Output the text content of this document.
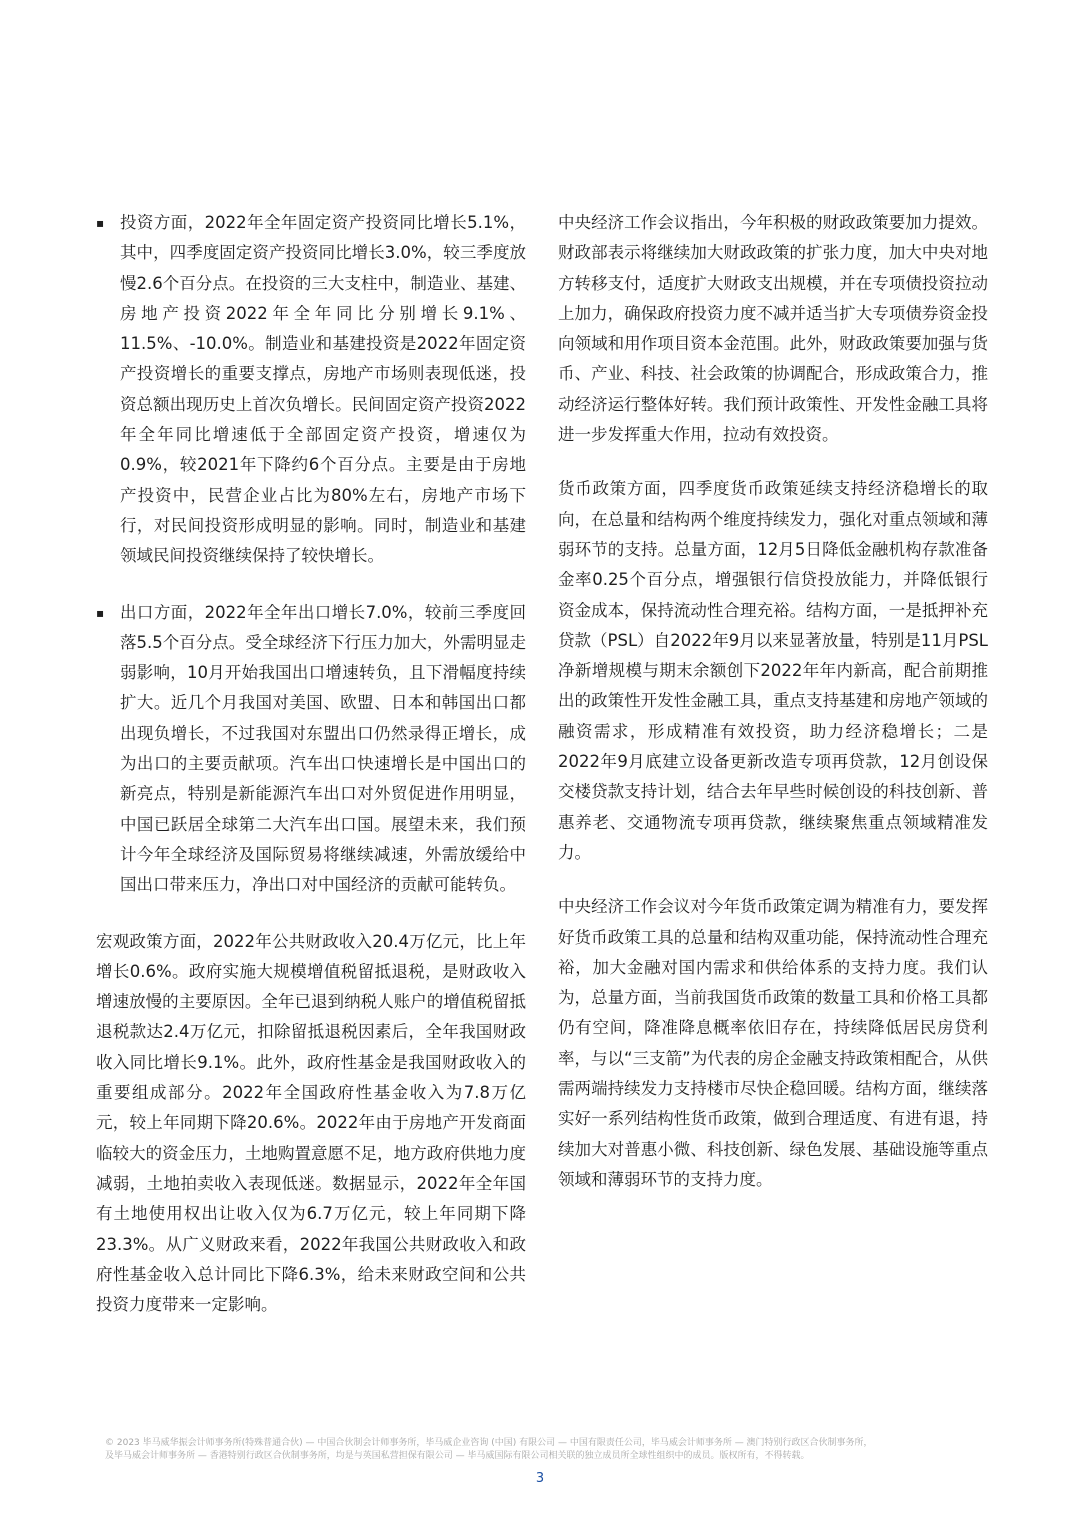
▪ 投资方面，2022年全年固定资产投资同比增长5.1%，其中，四季度固定资产投资同比增长3.0%，较三季度放慢2.6个百分点。在投资的三大支柱中，制造业、基建、房地产投资2022年全年同比分别增长9.1%、11.5%、-10.0%。制造业和基建投资是2022年固定资产投资增长的重要支撑点，房地产市场则表现低迷，投资总额出现历史上首次负增长。民间固定资产投资2022年全年同比增速低于全部固定资产投资，增速仅为0.9%，较2021年下降约6个百分点。主要是由于房地产投资中，民营企业占比为80%左右，房地产市场下行，对民间投资形成明显的影响。同时，制造业和基建领域民间投资继续保持了较快增长。

▪ 出口方面，2022年全年出口增长7.0%，较前三季度回落5.5个百分点。受全球经济下行压力加大，外需明显走弱影响，10月开始我国出口增速转负，且下滑幅度持续扩大。近几个月我国对美国、欧盟、日本和韩国出口都出现负增长，不过我国对东盟出口仍然录得正增长，成为出口的主要贡献项。汽车出口快速增长是中国出口的新亮点，特别是新能源汽车出口对外贸促进作用明显，中国已跃居全球第二大汽车出口国。展望未来，我们预计今年全球经济及国际贸易将继续减速，外需放缓给中国出口带来压力，净出口对中国经济的贡献可能转负。

宏观政策方面，2022年公共财政收入20.4万亿元，比上年增长0.6%。政府实施大规模增值税留抵退税，是财政收入增速放慢的主要原因。全年已退到纳税人账户的增值税留抵退税款达2.4万亿元，扣除留抵退税因素后，全年我国财政收入同比增长9.1%。此外，政府性基金是我国财政收入的重要组成部分。2022年全国政府性基金收入为7.8万亿元，较上年同期下降20.6%。2022年由于房地产开发商面临较大的资金压力，土地购置意愿不足，地方政府供地力度减弱，土地拍卖收入表现低迷。数据显示，2022年全年国有土地使用权出让收入仅为6.7万亿元，较上年同期下降23.3%。从广义财政来看，2022年我国公共财政收入和政府性基金收入总计同比下降6.3%，给未来财政空间和公共投资力度带来一定影响。

中央经济工作会议指出，今年积极的财政政策要加力提效。财政部表示将继续加大财政政策的扩张力度，加大中央对地方转移支付，适度扩大财政支出规模，并在专项债投资拉动上加力，确保政府投资力度不减并适当扩大专项债券资金投向领域和用作项目资本金范围。此外，财政政策要加强与货币、产业、科技、社会政策的协调配合，形成政策合力，推动经济运行整体好转。我们预计政策性、开发性金融工具将进一步发挥重大作用，拉动有效投资。

货币政策方面，四季度货币政策延续支持经济稳增长的取向，在总量和结构两个维度持续发力，强化对重点领域和薄弱环节的支持。总量方面，12月5日降低金融机构存款准备金率0.25个百分点，增强银行信贷投放能力，并降低银行资金成本，保持流动性合理充裕。结构方面，一是抵押补充贷款（PSL）自2022年9月以来显著放量，特别是11月PSL净新增规模与期末余额创下2022年年内新高，配合前期推出的政策性开发性金融工具，重点支持基建和房地产领域的融资需求，形成精准有效投资，助力经济稳增长；二是2022年9月底建立设备更新改造专项再贷款，12月创设保交楼贷款支持计划，结合去年早些时候创设的科技创新、普惠养老、交通物流专项再贷款，继续聚焦重点领域精准发力。

中央经济工作会议对今年货币政策定调为精准有力，要发挥好货币政策工具的总量和结构双重功能，保持流动性合理充裕，加大金融对国内需求和供给体系的支持力度。我们认为，总量方面，当前我国货币政策的数量工具和价格工具都仍有空间，降准降息概率依旧存在，持续降低居民房贷利率，与以“三支箭”为代表的房企金融支持政策相配合，从供需两端持续发力支持楼市尽快企稳回暖。结构方面，继续落实好一系列结构性货币政策，做到合理适度、有进有退，持续加大对普惠小微、科技创新、绿色发展、基础设施等重点领域和薄弱环节的支持力度。

© 2023 毕马威华振会计师事务所(特殊普通合伙) — 中国合伙制会计师事务所，毕马威企业咨询 (中国) 有限公司 — 中国有限责任公司，毕马威会计师事务所 — 澳门特别行政区合伙制事务所，
及毕马威会计师事务所 — 香港特别行政区合伙制事务所，均是与英国私营担保有限公司 — 毕马威国际有限公司相关联的独立成员所全球性组织中的成员。版权所有，不得转载。
3
